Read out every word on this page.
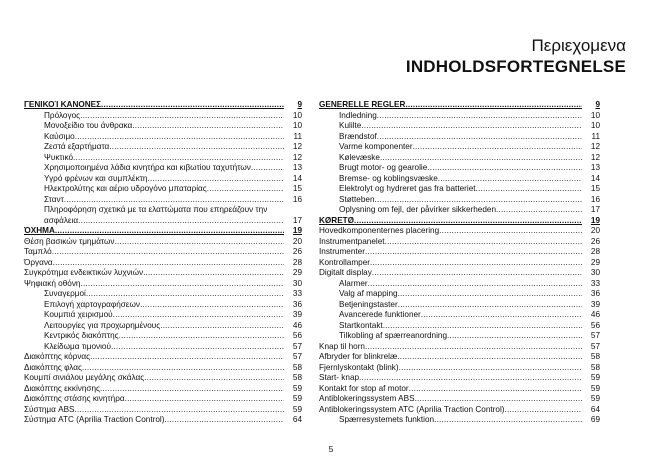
Περιεχομενα
INDHOLDSFORTEGNELSE
ΓΕΝΙΚΟΊ ΚΑΝΟΝΕΣ .....	9
Πρόλογος .....	10
Μονοξείδιο του άνθρακα .....	10
Καύσιμο .....	11
Ζεστά εξαρτήματα .....	12
Ψυκτικό .....	12
Χρησιμοποιημένα λάδια κινητήρα και κιβωτίου ταχυτήτων .....	13
Υγρό φρένων και συμπλέκτη .....	14
Ηλεκτρολύτης και αέριο υδρογόνο μπαταρίας .....	15
Σταντ .....	16
Πληροφόρηση σχετικά με τα ελαττώματα που επηρεάζουν την
ασφάλεια .....	17
ΌΧΗΜΑ .....	19
Θέση βασικών τμημάτων .....	20
Ταμπλό .....	26
Όργανα .....	28
Συγκρότημα ενδεικτικών λυχνιών .....	29
Ψηφιακή οθόνη .....	30
Συναγερμοί .....	33
Επιλογή χαρτογραφήσεων .....	36
Κουμπιά χειρισμού .....	39
Λειτουργίες για προχωρημένους .....	46
Κεντρικός διακόπτης .....	56
Κλείδωμα τιμονιού .....	57
Διακόπτης κόρνας .....	57
Διακόπτης φλας .....	58
Κουμπί σινιάλου μεγάλης σκάλας .....	58
Διακόπτης εκκίνησης .....	59
Διακόπτης στάσης κινητήρα .....	59
Σύστημα ABS .....	59
Σύστημα ATC (Aprilia Traction Control) .....	64
GENERELLE REGLER .....	9
Indledning .....	10
Kulilte .....	10
Brændstof .....	11
Varme komponenter .....	12
Kølevæske .....	12
Brugt motor- og gearolie .....	13
Bremse- og koblingsvæske .....	14
Elektrolyt og hydreret gas fra batteriet .....	15
Støtteben .....	16
Oplysning om fejl, der påvirker sikkerheden .....	17
KØRETØ .....	19
Hovedkomponenternes placering .....	20
Instrumentpanelet .....	26
Instrumenter .....	28
Kontrollamper .....	29
Digitalt display .....	30
Alarmer .....	33
Valg af mapping .....	36
Betjeningstaster .....	39
Avancerede funktioner .....	46
Startkontakt .....	56
Tilkobling af spærreanordning .....	57
Knap til horn .....	57
Afbryder for blinkrelæ .....	58
Fjernlyskontakt (blink) .....	58
Start- knap .....	59
Kontakt for stop af motor .....	59
Antiblokeringssystem ABS .....	59
Antiblokeringssystem ATC (Aprilia Traction Control) .....	64
Spærresystemets funktion .....	69
5
